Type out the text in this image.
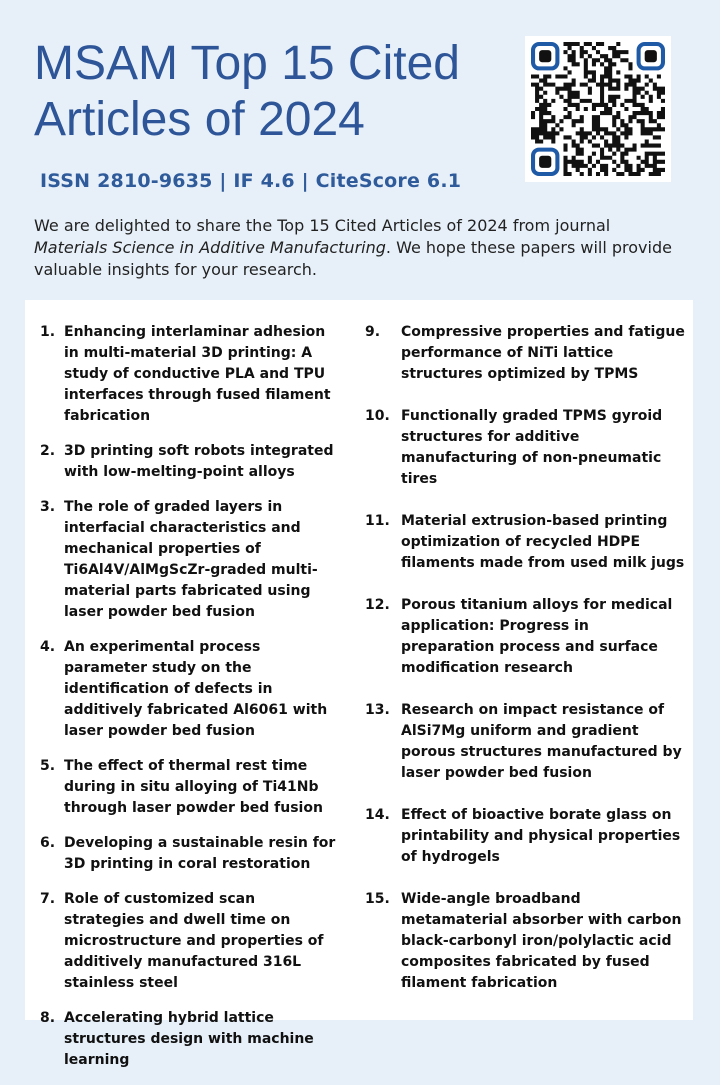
MSAM Top 15 Cited Articles of 2024
ISSN 2810-9635 | IF 4.6 | CiteScore 6.1

We are delighted to share the Top 15 Cited Articles of 2024 from journal Materials Science in Additive Manufacturing. We hope these papers will provide valuable insights for your research.

1. Enhancing interlaminar adhesion in multi-material 3D printing: A study of conductive PLA and TPU interfaces through fused filament fabrication
2. 3D printing soft robots integrated with low-melting-point alloys
3. The role of graded layers in interfacial characteristics and mechanical properties of Ti6Al4V/AlMgScZr-graded multi-material parts fabricated using laser powder bed fusion
4. An experimental process parameter study on the identification of defects in additively fabricated Al6061 with laser powder bed fusion
5. The effect of thermal rest time during in situ alloying of Ti41Nb through laser powder bed fusion
6. Developing a sustainable resin for 3D printing in coral restoration
7. Role of customized scan strategies and dwell time on microstructure and properties of additively manufactured 316L stainless steel
8. Accelerating hybrid lattice structures design with machine learning
9.	Compressive properties and fatigue performance of NiTi lattice structures optimized by TPMS
10. Functionally graded TPMS gyroid structures for additive manufacturing of non-pneumatic tires
11. Material extrusion-based printing optimization of recycled HDPE filaments made from used milk jugs
12. Porous titanium alloys for medical application: Progress in preparation process and surface modification research
13. Research on impact resistance of AlSi7Mg uniform and gradient porous structures manufactured by laser powder bed fusion
14. Effect of bioactive borate glass on printability and physical properties of hydrogels
15. Wide-angle broadband metamaterial absorber with carbon black-carbonyl iron/polylactic acid composites fabricated by fused filament fabrication
